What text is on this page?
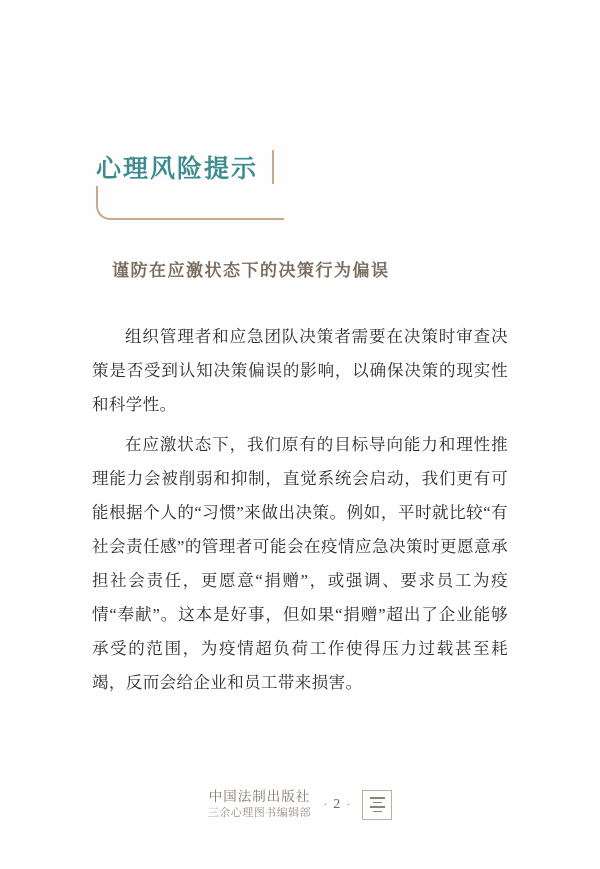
心理风险提示
谨防在应激状态下的决策行为偏误

组织管理者和应急团队决策者需要在决策时审查决策是否受到认知决策偏误的影响，以确保决策的现实性和科学性。

在应激状态下，我们原有的目标导向能力和理性推理能力会被削弱和抑制，直觉系统会启动，我们更有可能根据个人的“习惯”来做出决策。例如，平时就比较“有社会责任感”的管理者可能会在疫情应急决策时更愿意承担社会责任，更愿意“捐赠”，或强调、要求员工为疫情“奉献”。这本是好事，但如果“捐赠”超出了企业能够承受的范围，为疫情超负荷工作使得压力过载甚至耗竭，反而会给企业和员工带来损害。

中国法制出版社
三余心理图书编辑部
· 2 ·
